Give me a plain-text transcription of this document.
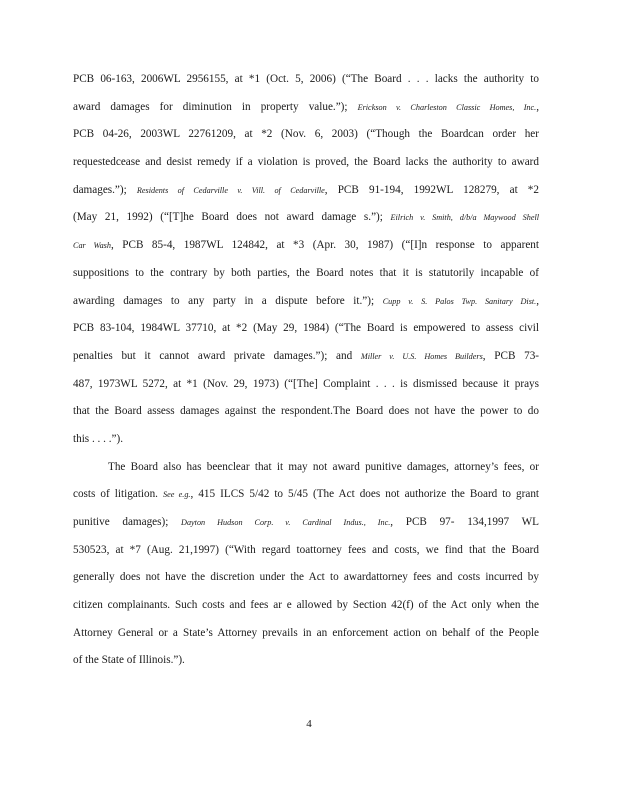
PCB 06-163, 2006WL 2956155, at *1 (Oct. 5, 2006) (“The Board . . . lacks the authority to
award damages for diminution in property value.”); Erickson v. Charleston Classic Homes, Inc.,
PCB 04-26, 2003WL 22761209, at *2 (Nov. 6, 2003) (“Though the Boardcan order her
requestedcease and desist remedy if a violation is proved, the Board lacks the authority to award
damages.”); Residents of Cedarville v. Vill. of Cedarville, PCB 91-194, 1992WL 128279, at *2
(May 21, 1992) (“[T]he Board does not award damage s.”); Eilrich v. Smith, d/b/a Maywood Shell
Car Wash, PCB 85-4, 1987WL 124842, at *3 (Apr. 30, 1987) (“[I]n response to apparent
suppositions to the contrary by both parties, the Board notes that it is statutorily incapable of
awarding damages to any party in a dispute before it.”); Cupp v. S. Palos Twp. Sanitary Dist.,
PCB 83-104, 1984WL 37710, at *2 (May 29, 1984) (“The Board is empowered to assess civil
penalties but it cannot award private damages.”); and Miller v. U.S. Homes Builders, PCB 73-
487, 1973WL 5272, at *1 (Nov. 29, 1973) (“[The] Complaint . . . is dismissed because it prays
that the Board assess damages against the respondent.The Board does not have the power to do
this . . . .”).
The Board also has beenclear that it may not award punitive damages, attorney’s fees, or
costs of litigation. See e.g., 415 ILCS 5/42 to 5/45 (The Act does not authorize the Board to grant
punitive damages); Dayton Hudson Corp. v. Cardinal Indus., Inc., PCB 97- 134,1997 WL
530523, at *7 (Aug. 21,1997) (“With regard toattorney fees and costs, we find that the Board
generally does not have the discretion under the Act to awardattorney fees and costs incurred by
citizen complainants. Such costs and fees ar e allowed by Section 42(f) of the Act only when the
Attorney General or a State’s Attorney prevails in an enforcement action on behalf of the People
of the State of Illinois.”).
4
